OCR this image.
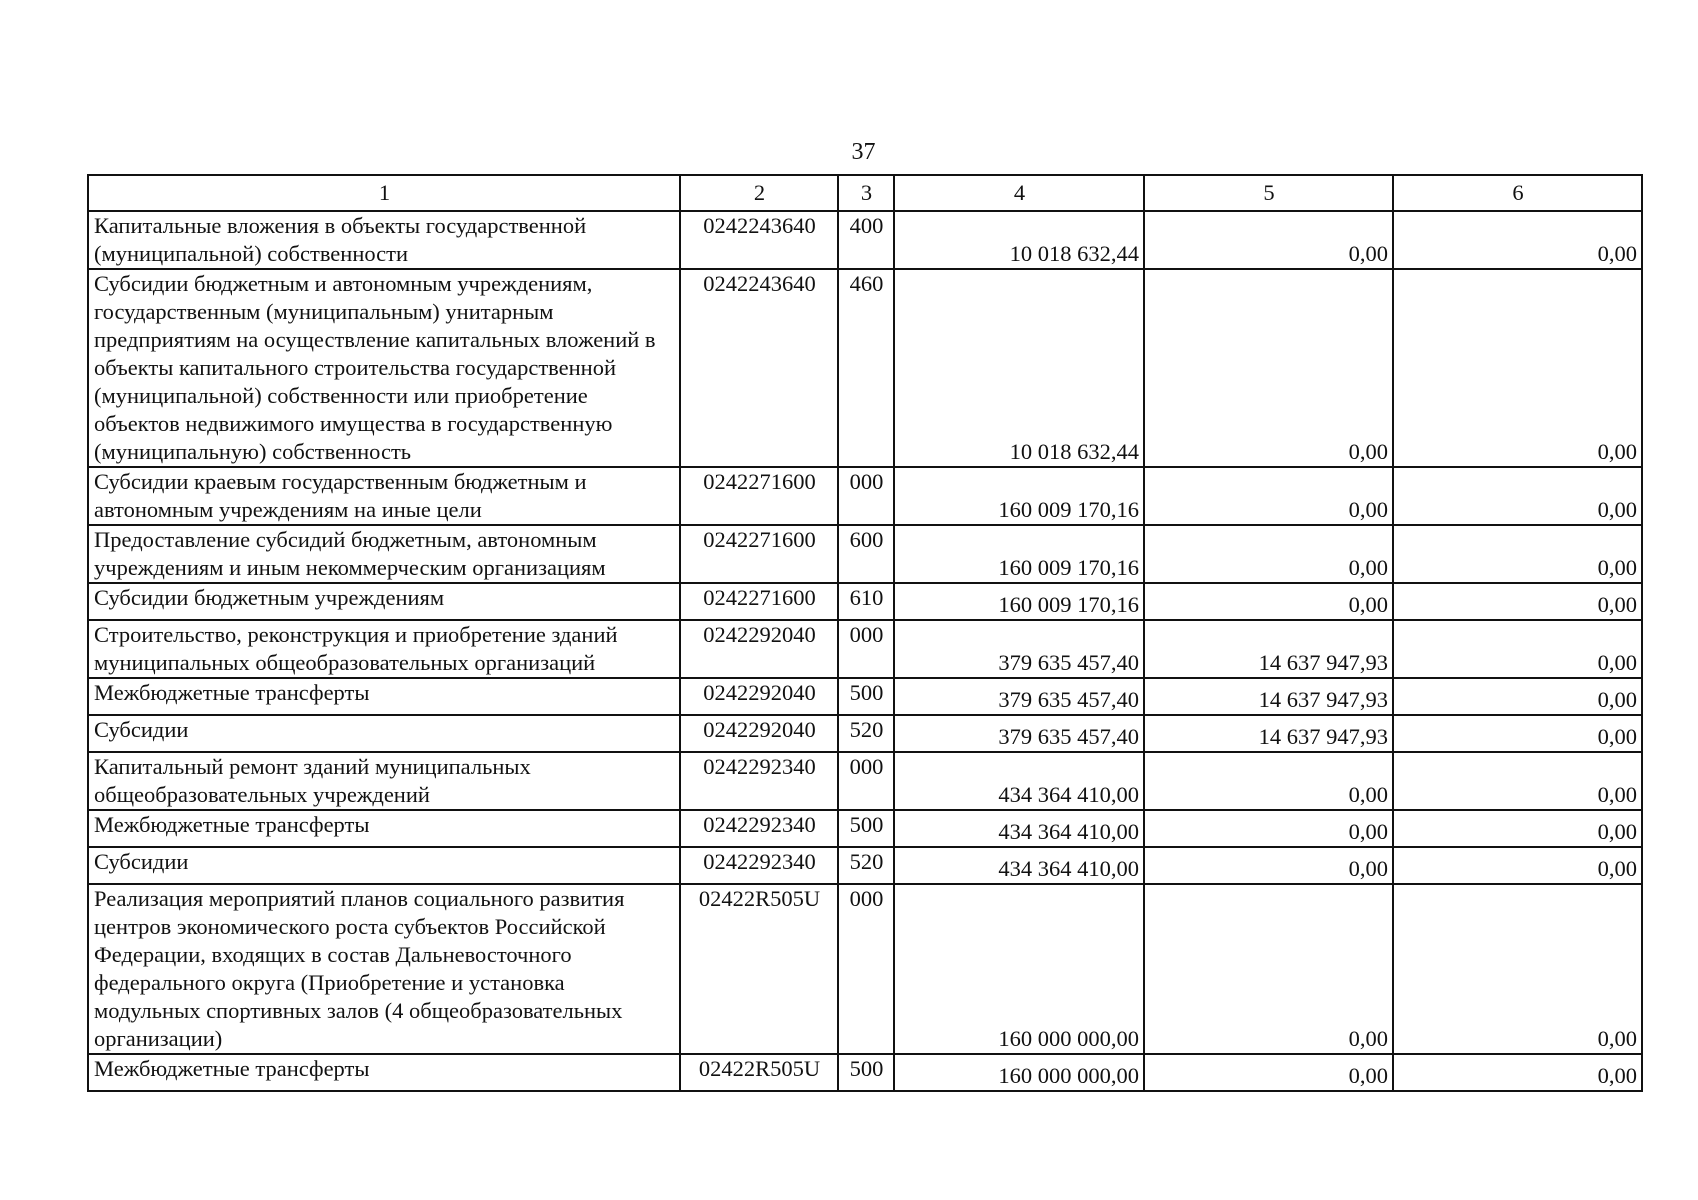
37
1	2	3	4	5	6
Капитальные вложения в объекты государственной (муниципальной) собственности	0242243640	400	10 018 632,44	0,00	0,00
Субсидии бюджетным и автономным учреждениям, государственным (муниципальным) унитарным предприятиям на осуществление капитальных вложений в объекты капитального строительства государственной (муниципальной) собственности или приобретение объектов недвижимого имущества в государственную (муниципальную) собственность	0242243640	460	10 018 632,44	0,00	0,00
Субсидии краевым государственным бюджетным и автономным учреждениям на иные цели	0242271600	000	160 009 170,16	0,00	0,00
Предоставление субсидий бюджетным, автономным учреждениям и иным некоммерческим организациям	0242271600	600	160 009 170,16	0,00	0,00
Субсидии бюджетным учреждениям	0242271600	610	160 009 170,16	0,00	0,00
Строительство, реконструкция и приобретение зданий муниципальных общеобразовательных организаций	0242292040	000	379 635 457,40	14 637 947,93	0,00
Межбюджетные трансферты	0242292040	500	379 635 457,40	14 637 947,93	0,00
Субсидии	0242292040	520	379 635 457,40	14 637 947,93	0,00
Капитальный ремонт зданий муниципальных общеобразовательных учреждений	0242292340	000	434 364 410,00	0,00	0,00
Межбюджетные трансферты	0242292340	500	434 364 410,00	0,00	0,00
Субсидии	0242292340	520	434 364 410,00	0,00	0,00
Реализация мероприятий планов социального развития центров экономического роста субъектов Российской Федерации, входящих в состав Дальневосточного федерального округа (Приобретение и установка модульных спортивных залов (4 общеобразовательных организации)	02422R505U	000	160 000 000,00	0,00	0,00
Межбюджетные трансферты	02422R505U	500	160 000 000,00	0,00	0,00
